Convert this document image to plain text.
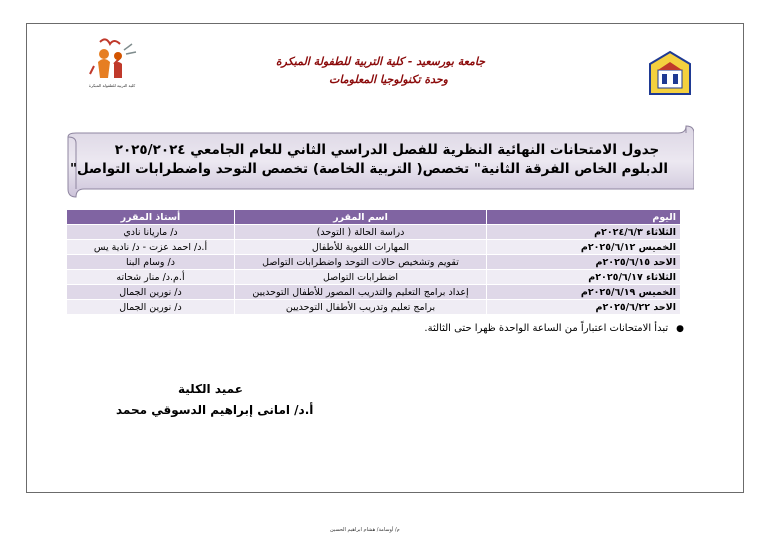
كلية التربية للطفولة المبكرة
جامعة بورسعيد - كلية التربية للطفولة المبكرة
وحدة تكنولوجيا المعلومات
جدول الامتحانات النهائية النظرية للفصل الدراسي الثاني للعام الجامعي ٢٠٢٥/٢٠٢٤
الدبلوم الخاص الفرقة الثانية" تخصص( التربية الخاصة) تخصص التوحد واضطرابات التواصل"
اليوم	اسم المقرر	أستاذ المقرر
الثلاثاء ٢٠٢٤/٦/٣م	دراسة الحالة ( التوحد)	د/ ماريانا نادي
الخميس ٢٠٢٥/٦/١٢م	المهارات اللغوية للأطفال	أ.د/ احمد عزت - د/ نادية يس
الاحد ٢٠٢٥/٦/١٥م	تقويم وتشخيص حالات التوحد واضطرابات التواصل	د/ وسام البنا
الثلاثاء ٢٠٢٥/٦/١٧م	اضطرابات التواصل	أ.م.د/ منار شحاته
الخميس ٢٠٢٥/٦/١٩م	إعداد برامج التعليم والتدريب المصور للأطفال التوحديين	د/ نورين الجمال
الاحد ٢٠٢٥/٦/٢٢م	برامج تعليم وتدريب الأطفال التوحديين	د/ نورين الجمال
●تبدأ الامتحانات اعتباراً من الساعة الواحدة ظهرا حتى الثالثة.
عميد الكلية
أ.د/ امانى إبراهيم الدسوقي محمد
م/ أوسامة/ هشام ابراهيم الحسين
